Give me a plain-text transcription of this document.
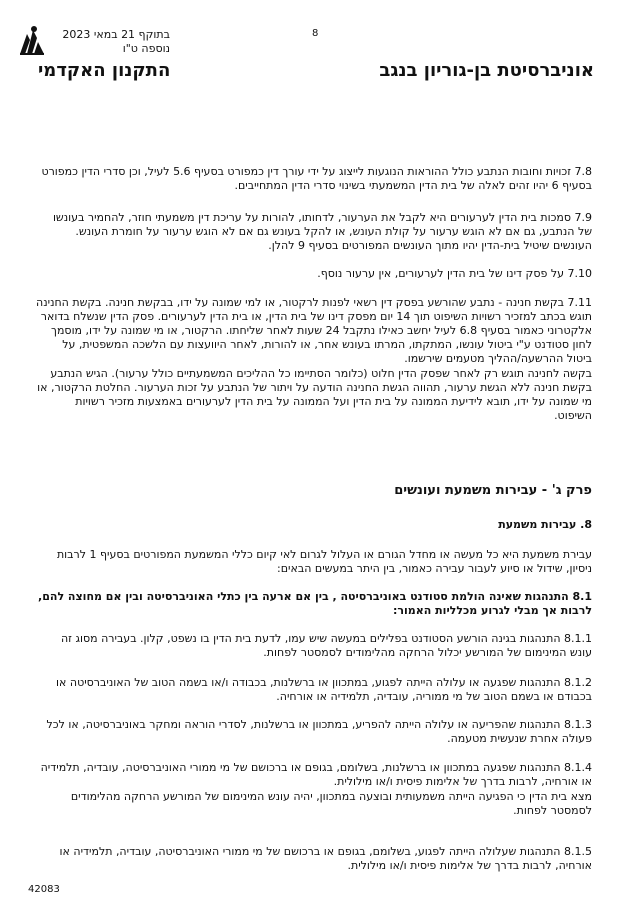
בתוקף 21 במאי 2023
נוספה ט"ו
8
התקנון האקדמי	אוניברסיטת בן-גוריון בנגב
7.8 זכויות וחובות הנתבע כולל ההוראות הנוגעות לייצוג על ידי עורך דין כמפורט בסעיף 5.6 לעיל, וכן סדרי הדין כמפורט בסעיף 6 יהיו זהים לאלה של בית הדין המשמעתי בשינוי סדרי הדין המתחייבים.
7.9 סמכות בית הדין לערעורים היא לקבל את הערעור, לדחותו, להורות על עריכת דין משמעתי חוזר, להחמיר בעונשו של הנתבע, גם אם לא הוגש ערעור על קולת העונש, או להקל בעונש גם אם לא הוגש ערעור על חומרת העונש. העונשים שיטיל בית-הדין יהיו מתוך העונשים המפורטים בסעיף 9 להלן.
7.10 על פסק דינו של בית הדין לערעורים, אין ערעור נוסף.
7.11 בקשת חנינה - נתבע שהורשע בפסק דין רשאי לפנות לרקטור, או למי שמונה על ידו, בבקשת חנינה. בקשת החנינה תוגש בכתב למזכיר רשויות השיפוט תוך 14 יום מפסק דינו של בית הדין, או בית הדין לערעורים. פסק הדין שנשלח בדואר אלקטרוני כאמור בסעיף 6.8 לעיל יחשב כאילו נתקבל 24 שעות לאחר שליחתו. הרקטור, או מי שמונה על ידו, מוסמך לחון סטודנט ע"י ביטול עונשו, המתקתו, המרתו בעונש אחר, או להורות, לאחר היוועצות עם הלשכה המשפטית, על ביטול ההרשעה/ההליך מטעמים שירשמו.
בקשה לחנינה תוגש רק לאחר שפסק הדין חלוט (כלומר הסתיימו כל ההליכים המשמעתיים כולל ערעור). הגיש הנתבע בקשת חנינה ללא הגשת ערעור, תהווה הגשת החנינה הודעה על ויתור של הנתבע על זכות הערעור. החלטת הרקטור, או מי שמונה על ידו, תובא לידיעת הממונה על בית הדין ועל הממונה על בית הדין לערעורים באמצעות מזכיר רשויות השיפוט.
פרק ג' - עבירות משמעת ועונשים
8. עבירות משמעת
עבירת משמעת היא כל מעשה או מחדל הגורם או העלול לגרום לאי קיום כללי המשמעת המפורטים בסעיף 1 לרבות ניסיון, שידול או סיוע לעבור עבירה כאמור, בין היתר במעשים הבאים:
8.1 התנהגות שאינה הולמת סטודנט באוניברסיטה , בין אם ארעה בין כתלי האוניברסיטה ובין אם מחוצה להם, לרבות אך מבלי לגרוע מכלליות האמור:
8.1.1 התנהגות בגינה הורשע הסטודנט בפלילים במעשה שיש עמו, לדעת בית הדין בו נשפט, קלון. בעבירה מסוג זה עונש המינימום של המורשע יכלול הרחקה מהלימודים לסמסטר לפחות.
8.1.2 התנהגות שפגעה או עלולה הייתה לפגוע, במתכוון או ברשלנות, בכבודה ו/או בשמה הטוב של האוניברסיטה או בכבודם או בשמם הטוב של מי ממוריה, עובדיה, תלמידיה או אורחיה.
8.1.3 התנהגות שהפריעה או עלולה הייתה להפריע, במתכוון או ברשלנות, לסדרי הוראה ומחקר באוניברסיטה, או לכל פעולה אחרת שנעשית מטעמה.
8.1.4 התנהגות שפגעה במתכוון או ברשלנות, בשלומם, בגופם או ברכושם של מי ממורי האוניברסיטה, עובדיה, תלמידיה או אורחיה, לרבות בדרך של אלימות פיסית ו/או מילולית.
מצא בית הדין כי הפגיעה הייתה משמעותית ובוצעה במתכוון, יהיה עונש המינימום של המורשע הרחקה מהלימודים לסמסטר לפחות.
8.1.5 התנהגות שעלולה הייתה לפגוע, בשלומם, בגופם או ברכושם של מי ממורי האוניברסיטה, עובדיה, תלמידיה או אורחיה, לרבות בדרך של אלימות פיסית ו/או מילולית.
42083
